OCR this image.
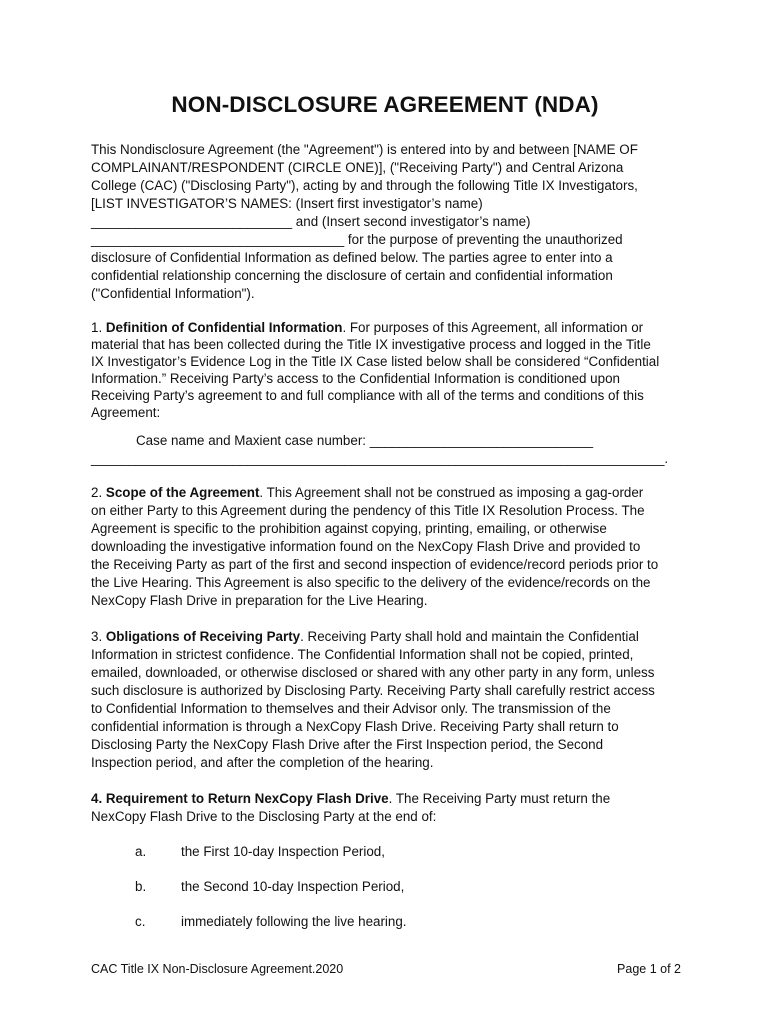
NON-DISCLOSURE AGREEMENT (NDA)
This Nondisclosure Agreement (the "Agreement") is entered into by and between [NAME OF
COMPLAINANT/RESPONDENT (CIRCLE ONE)], ("Receiving Party") and Central Arizona
College (CAC) ("Disclosing Party"), acting by and through the following Title IX Investigators,
[LIST INVESTIGATOR’S NAMES: (Insert first investigator’s name)
___________________________ and (Insert second investigator’s name)
__________________________________ for the purpose of preventing the unauthorized
disclosure of Confidential Information as defined below. The parties agree to enter into a
confidential relationship concerning the disclosure of certain and confidential information
("Confidential Information").
1. Definition of Confidential Information. For purposes of this Agreement, all information or
material that has been collected during the Title IX investigative process and logged in the Title
IX Investigator’s Evidence Log in the Title IX Case listed below shall be considered “Confidential
Information.” Receiving Party’s access to the Confidential Information is conditioned upon
Receiving Party’s agreement to and full compliance with all of the terms and conditions of this
Agreement:
Case name and Maxient case number: ______________________________
_____________________________________________________________________________.
2. Scope of the Agreement. This Agreement shall not be construed as imposing a gag-order
on either Party to this Agreement during the pendency of this Title IX Resolution Process. The
Agreement is specific to the prohibition against copying, printing, emailing, or otherwise
downloading the investigative information found on the NexCopy Flash Drive and provided to
the Receiving Party as part of the first and second inspection of evidence/record periods prior to
the Live Hearing. This Agreement is also specific to the delivery of the evidence/records on the
NexCopy Flash Drive in preparation for the Live Hearing.
3. Obligations of Receiving Party. Receiving Party shall hold and maintain the Confidential
Information in strictest confidence. The Confidential Information shall not be copied, printed,
emailed, downloaded, or otherwise disclosed or shared with any other party in any form, unless
such disclosure is authorized by Disclosing Party. Receiving Party shall carefully restrict access
to Confidential Information to themselves and their Advisor only. The transmission of the
confidential information is through a NexCopy Flash Drive. Receiving Party shall return to
Disclosing Party the NexCopy Flash Drive after the First Inspection period, the Second
Inspection period, and after the completion of the hearing.
4. Requirement to Return NexCopy Flash Drive. The Receiving Party must return the
NexCopy Flash Drive to the Disclosing Party at the end of:
a.	the First 10-day Inspection Period,
b.	the Second 10-day Inspection Period,
c.	immediately following the live hearing.
CAC Title IX Non-Disclosure Agreement.2020	Page 1 of 2
